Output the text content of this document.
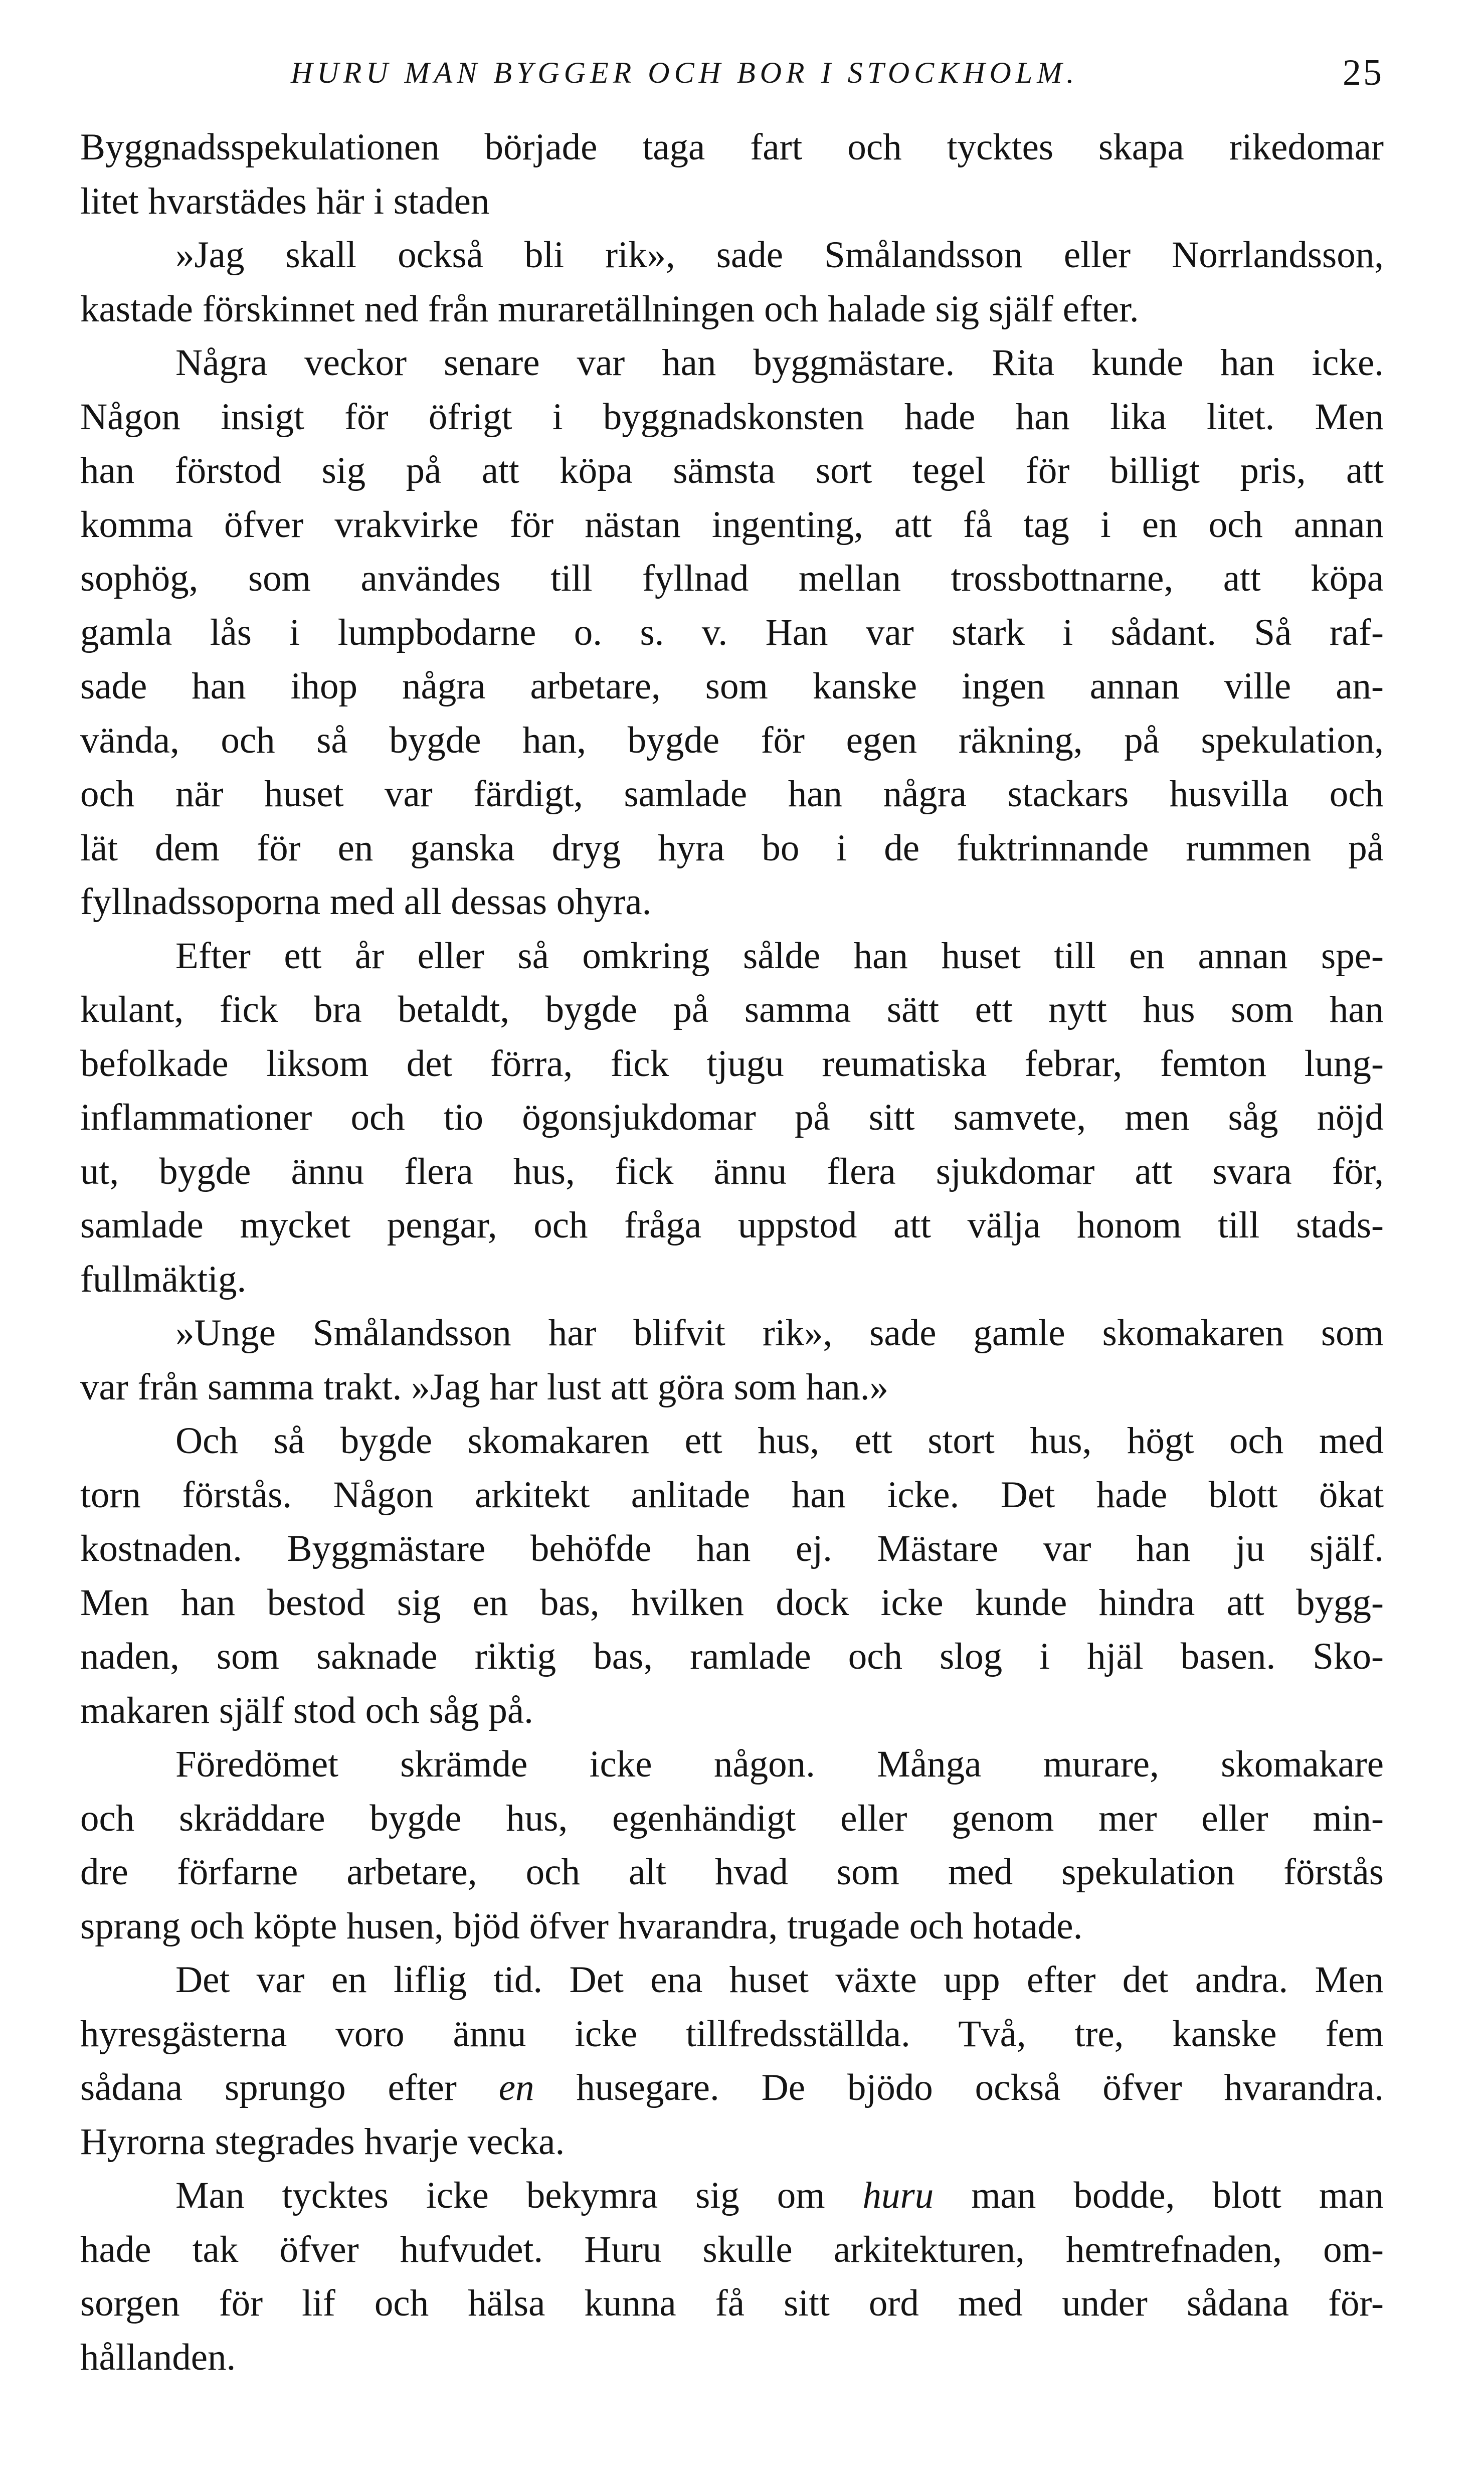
HURU MAN BYGGER OCH BOR I STOCKHOLM.	25
Byggnadsspekulationen började taga fart och tycktes skapa rikedomar
litet hvarstädes här i staden
»Jag skall också bli rik», sade Smålandsson eller Norrlandsson,
kastade förskinnet ned från muraretällningen och halade sig själf efter.
Några veckor senare var han byggmästare. Rita kunde han icke.
Någon insigt för öfrigt i byggnadskonsten hade han lika litet. Men
han förstod sig på att köpa sämsta sort tegel för billigt pris, att
komma öfver vrakvirke för nästan ingenting, att få tag i en och annan
sophög, som användes till fyllnad mellan trossbottnarne, att köpa
gamla lås i lumpbodarne o. s. v. Han var stark i sådant. Så raf-
sade han ihop några arbetare, som kanske ingen annan ville an-
vända, och så bygde han, bygde för egen räkning, på spekulation,
och när huset var färdigt, samlade han några stackars husvilla och
lät dem för en ganska dryg hyra bo i de fuktrinnande rummen på
fyllnadssoporna med all dessas ohyra.
Efter ett år eller så omkring sålde han huset till en annan spe-
kulant, fick bra betaldt, bygde på samma sätt ett nytt hus som han
befolkade liksom det förra, fick tjugu reumatiska febrar, femton lung-
inflammationer och tio ögonsjukdomar på sitt samvete, men såg nöjd
ut, bygde ännu flera hus, fick ännu flera sjukdomar att svara för,
samlade mycket pengar, och fråga uppstod att välja honom till stads-
fullmäktig.
»Unge Smålandsson har blifvit rik», sade gamle skomakaren som
var från samma trakt. »Jag har lust att göra som han.»
Och så bygde skomakaren ett hus, ett stort hus, högt och med
torn förstås. Någon arkitekt anlitade han icke. Det hade blott ökat
kostnaden. Byggmästare behöfde han ej. Mästare var han ju själf.
Men han bestod sig en bas, hvilken dock icke kunde hindra att bygg-
naden, som saknade riktig bas, ramlade och slog i hjäl basen. Sko-
makaren själf stod och såg på.
Föredömet skrämde icke någon. Många murare, skomakare
och skräddare bygde hus, egenhändigt eller genom mer eller min-
dre förfarne arbetare, och alt hvad som med spekulation förstås
sprang och köpte husen, bjöd öfver hvarandra, trugade och hotade.
Det var en liflig tid. Det ena huset växte upp efter det andra. Men
hyresgästerna voro ännu icke tillfredsställda. Två, tre, kanske fem
sådana sprungo efter en husegare. De bjödo också öfver hvarandra.
Hyrorna stegrades hvarje vecka.
Man tycktes icke bekymra sig om huru man bodde, blott man
hade tak öfver hufvudet. Huru skulle arkitekturen, hemtrefnaden, om-
sorgen för lif och hälsa kunna få sitt ord med under sådana för-
hållanden.
